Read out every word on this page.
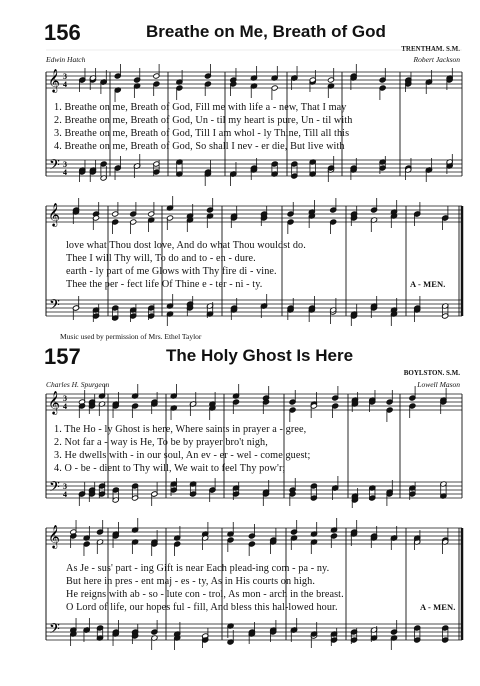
156	Breathe on Me, Breath of God
Edwin Hatch
TRENTHAM. S.M.
Robert Jackson
1. Breathe on me, Breath of God, Fill me with life a - new, That I may
2. Breathe on me, Breath of God, Un - til my heart is pure, Un - til with
3. Breathe on me, Breath of God, Till I am whol - ly Thine, Till all this
4. Breathe on me, Breath of God, So shall I nev - er die, But live with
love what Thou dost love, And do what Thou wouldst do.
Thee I will Thy will, To do and to - en - dure.
earth - ly part of me Glows with Thy fire di - vine.
Thee the per - fect life Of Thine e - ter - ni - ty.	A - MEN.
Music used by permission of Mrs. Ethel Taylor
157	The Holy Ghost Is Here
Charles H. Spurgeon
BOYLSTON. S.M.
Lowell Mason
1. The Ho - ly Ghost is here, Where saints in prayer a - gree,
2. Not far a - way is He, To be by prayer bro't nigh,
3. He dwells with - in our soul, An ev - er - wel - come guest;
4. O - be - dient to Thy will, We wait to feel Thy pow'r;
As Je - sus' part - ing Gift is near Each plead-ing com - pa - ny.
But here in pres - ent maj - es - ty, As in His courts on high.
He reigns with ab - so - lute con - trol, As mon - arch in the breast.
O Lord of life, our hopes ful - fill, And bless this hal-lowed hour.	A - MEN.
𝄞
𝄢
3
3
4
4
𝄞
𝄢
𝄞
𝄢
3
3
4
4
𝄞
𝄢
